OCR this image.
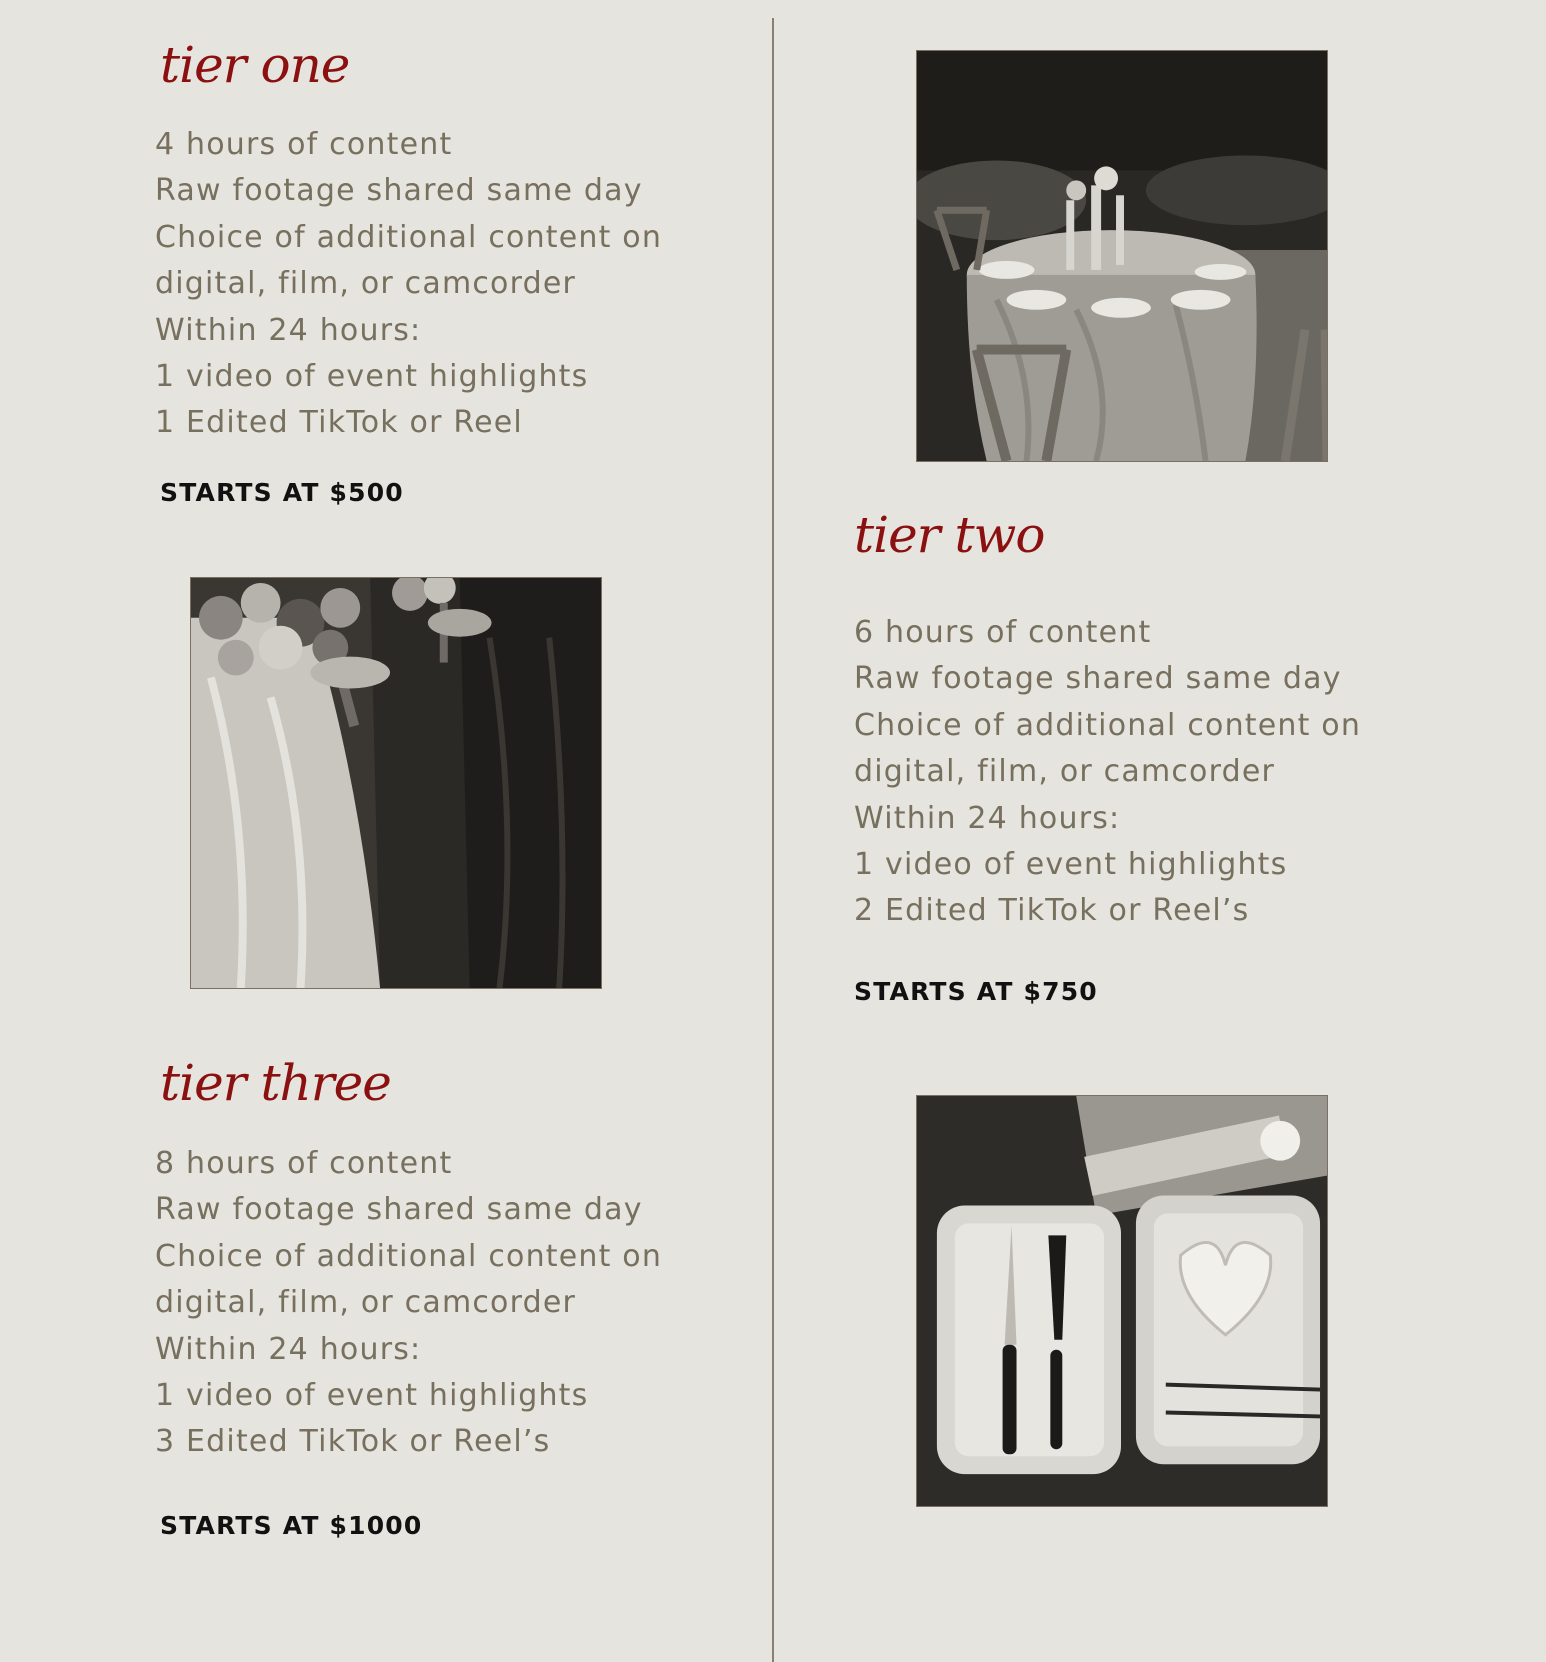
tier one
4 hours of content
Raw footage shared same day
Choice of additional content on
digital, film, or camcorder
Within 24 hours:
1 video of event highlights
1 Edited TikTok or Reel

STARTS AT $500

tier two
6 hours of content
Raw footage shared same day
Choice of additional content on
digital, film, or camcorder
Within 24 hours:
1 video of event highlights
2 Edited TikTok or Reel’s

STARTS AT $750

tier three
8 hours of content
Raw footage shared same day
Choice of additional content on
digital, film, or camcorder
Within 24 hours:
1 video of event highlights
3 Edited TikTok or Reel’s

STARTS AT $1000
